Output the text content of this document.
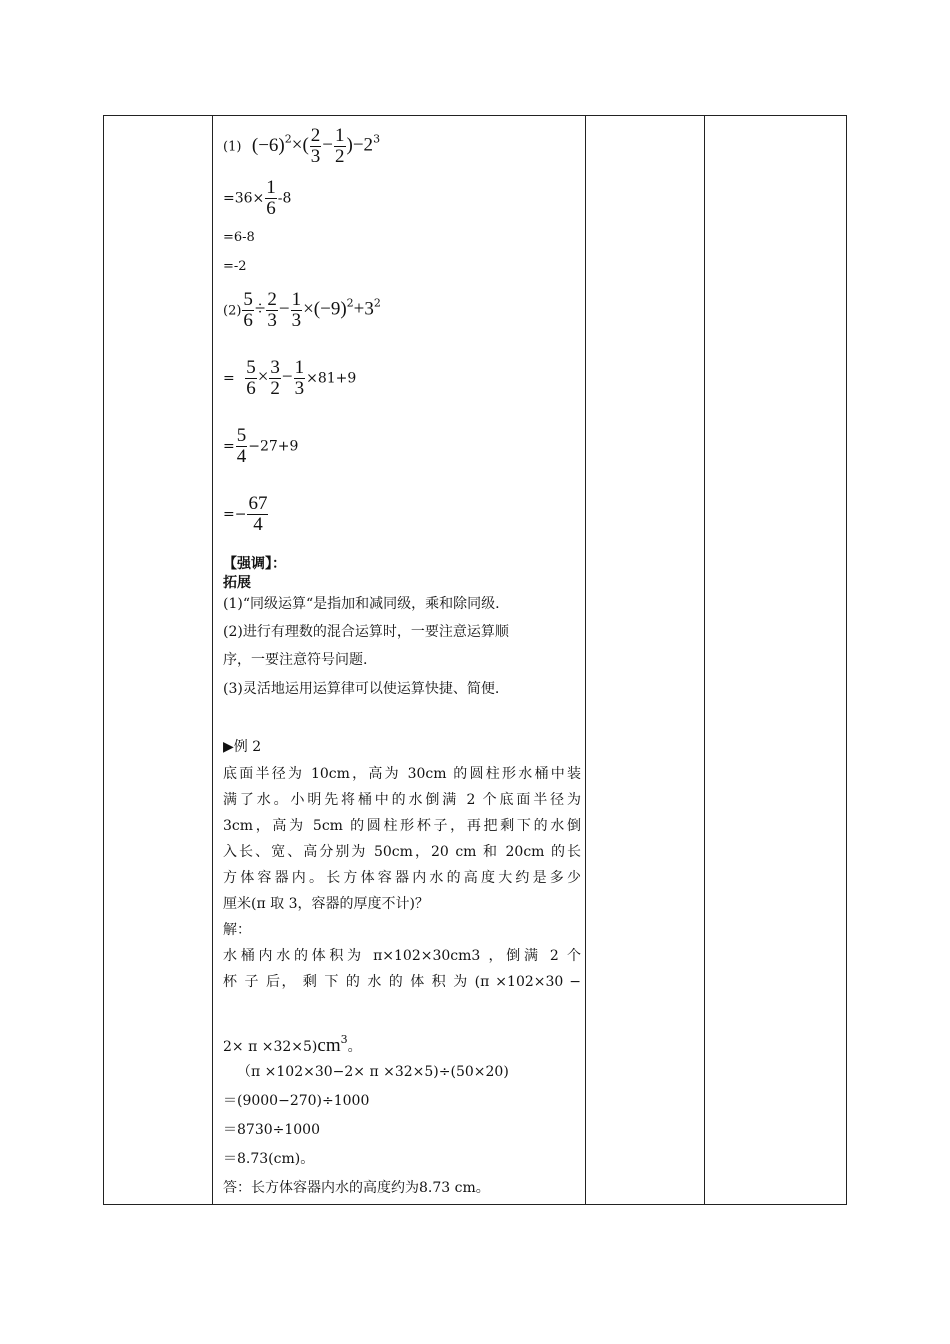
(1) $(-6)^2\times( \frac{2}{3} - \frac{1}{2} )-2^3$
$=36\times \frac{1}{6} -8$
=6-8
=-2
$(2) \frac{5}{6} \div \frac{2}{3} - \frac{1}{3} \times(-9)^2+3^2$
= $\frac{5}{6} \times \frac{3}{2} - \frac{1}{3} \times 81+9$
= $\frac{5}{4} -27+9$
=− $\frac{67}{4}$
【强调】：
拓展
(1)“同级运算“是指加和减同级，乘和除同级.
(2)进行有理数的混合运算时，一要注意运算顺
序，一要注意符号问题.
(3)灵活地运用运算律可以使运算快捷、简便.
▶例 2
底面半径为 10cm，高为 30cm 的圆柱形水桶中装
满了水。小明先将桶中的水倒满 2 个底面半径为
3cm，高为 5cm 的圆柱形杯子，再把剩下的水倒
入长、宽、高分别为 50cm，20 cm 和 20cm 的长
方体容器内。长方体容器内水的高度大约是多少
厘米(π 取 3，容器的厚度不计)？
解：
水桶内水的体积为 π×102×30cm3 ，倒满 2 个
杯 子 后， 剩 下 的 水 的 体 积 为 (π ×102×30 −
$2\times \pi \times 32\times 5)cm^3$。
（π ×102×30−2× π ×32×5)÷(50×20)
＝(9000−270)÷1000
＝8730÷1000
＝8.73(cm)。
答：长方体容器内水的高度约为8.73 cm。
